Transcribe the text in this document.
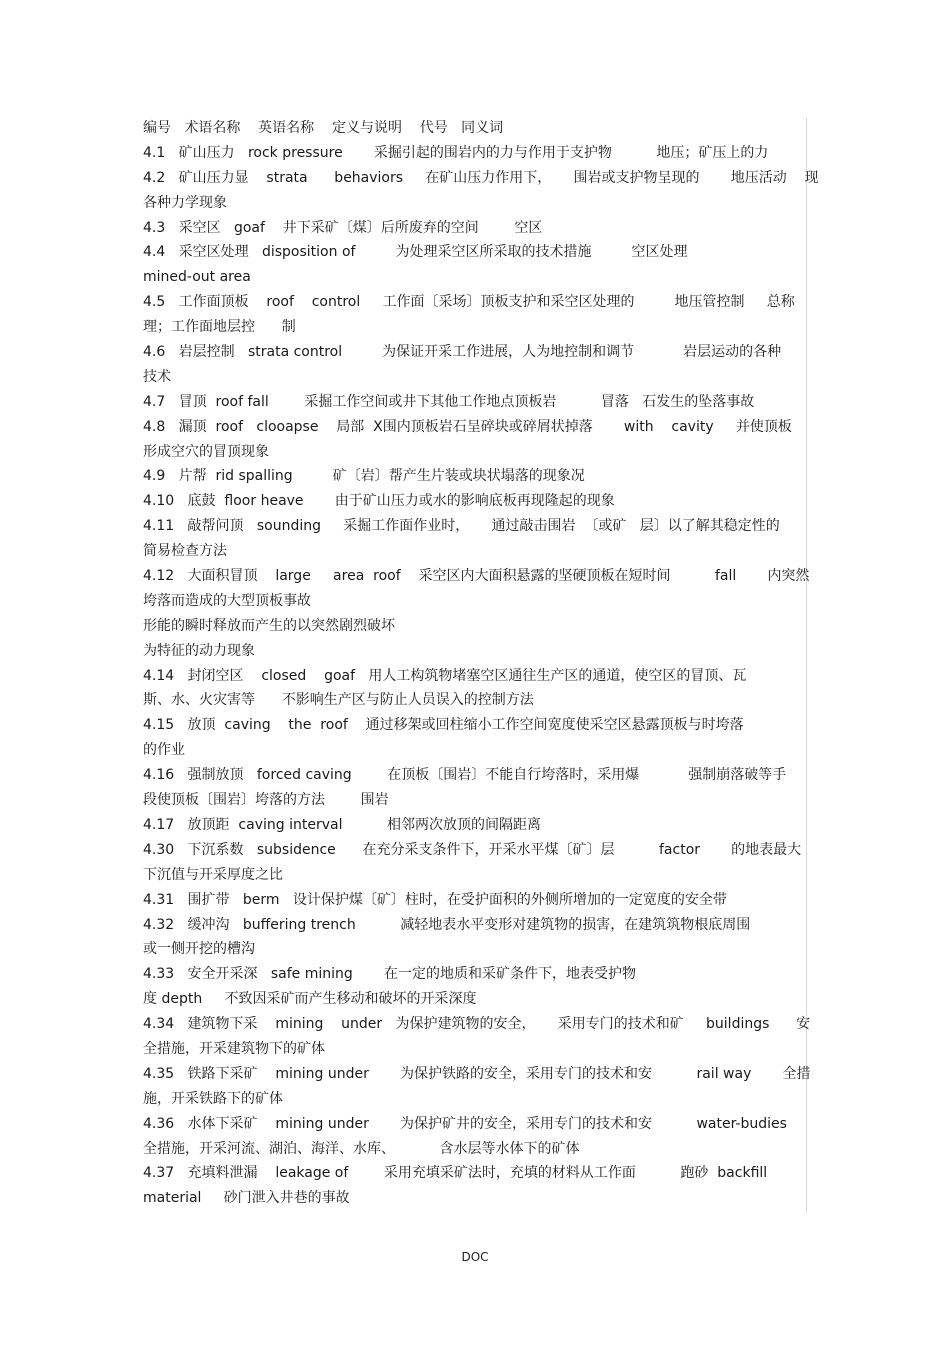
编号   术语名称    英语名称    定义与说明    代号   同义词
4.1   矿山压力   rock pressure       采掘引起的围岩内的力与作用于支护物          地压；矿压上的力
4.2   矿山压力显    strata      behaviors     在矿山压力作用下，     围岩或支护物呈现的       地压活动    现
各种力学现象
4.3   采空区   goaf    井下采矿〔煤〕后所废弃的空间        空区
4.4   采空区处理   disposition of         为处理采空区所采取的技术措施         空区处理
mined-out area
4.5   工作面顶板    roof    control     工作面〔采场〕顶板支护和采空区处理的         地压管控制     总称
理；工作面地层控      制
4.6   岩层控制   strata control         为保证开采工作进展，人为地控制和调节           岩层运动的各种
技术
4.7   冒顶  roof fall        采掘工作空间或井下其他工作地点顶板岩          冒落   石发生的坠落事故
4.8   漏顶  roof   clooapse    局部  X围内顶板岩石呈碎块或碎屑状掉落       with    cavity     并使顶板
形成空穴的冒顶现象
4.9   片帮  rid spalling         矿〔岩〕帮产生片装或块状塌落的现象况
4.10   底鼓  floor heave       由于矿山压力或水的影响底板再现隆起的现象
4.11   敲帮问顶   sounding     采掘工作面作业时，     通过敲击围岩  〔或矿   层〕以了解其稳定性的
简易检查方法
4.12   大面积冒顶    large     area  roof    采空区内大面积悬露的坚硬顶板在短时间          fall       内突然
垮落而造成的大型顶板事故
形能的瞬时释放而产生的以突然剧烈破坏
为特征的动力现象
4.14   封闭空区    closed    goaf   用人工构筑物堵塞空区通往生产区的通道，使空区的冒顶、瓦
斯、水、火灾害等      不影响生产区与防止人员误入的控制方法
4.15   放顶  caving    the  roof    通过移架或回柱缩小工作空间宽度使采空区悬露顶板与时垮落
的作业
4.16   强制放顶   forced caving        在顶板〔围岩〕不能自行垮落时，采用爆           强制崩落破等手
段使顶板〔围岩〕垮落的方法        围岩
4.17   放顶距  caving interval          相邻两次放顶的间隔距离
4.30   下沉系数   subsidence      在充分采支条件下，开采水平煤〔矿〕层          factor       的地表最大
下沉值与开采厚度之比
4.31   围扩带   berm   设计保护煤〔矿〕柱时，在受护面积的外侧所增加的一定宽度的安全带
4.32   缓冲沟   buffering trench          减轻地表水平变形对建筑物的损害，在建筑筑物根底周围
或一侧开挖的槽沟
4.33   安全开采深   safe mining       在一定的地质和采矿条件下，地表受护物
度 depth     不致因采矿而产生移动和破坏的开采深度
4.34   建筑物下采    mining    under   为保护建筑物的安全，     采用专门的技术和矿     buildings      安
全措施，开采建筑物下的矿体
4.35   铁路下采矿    mining under       为保护铁路的安全，采用专门的技术和安          rail way       全措
施，开采铁路下的矿体
4.36   水体下采矿    mining under       为保护矿井的安全，采用专门的技术和安          water-budies
全措施，开采河流、湖泊、海洋、水库、          含水层等水体下的矿体
4.37   充填料泄漏    leakage of        采用充填采矿法时，充填的材料从工作面          跑砂  backfill
material     砂门泄入井巷的事故
DOC
